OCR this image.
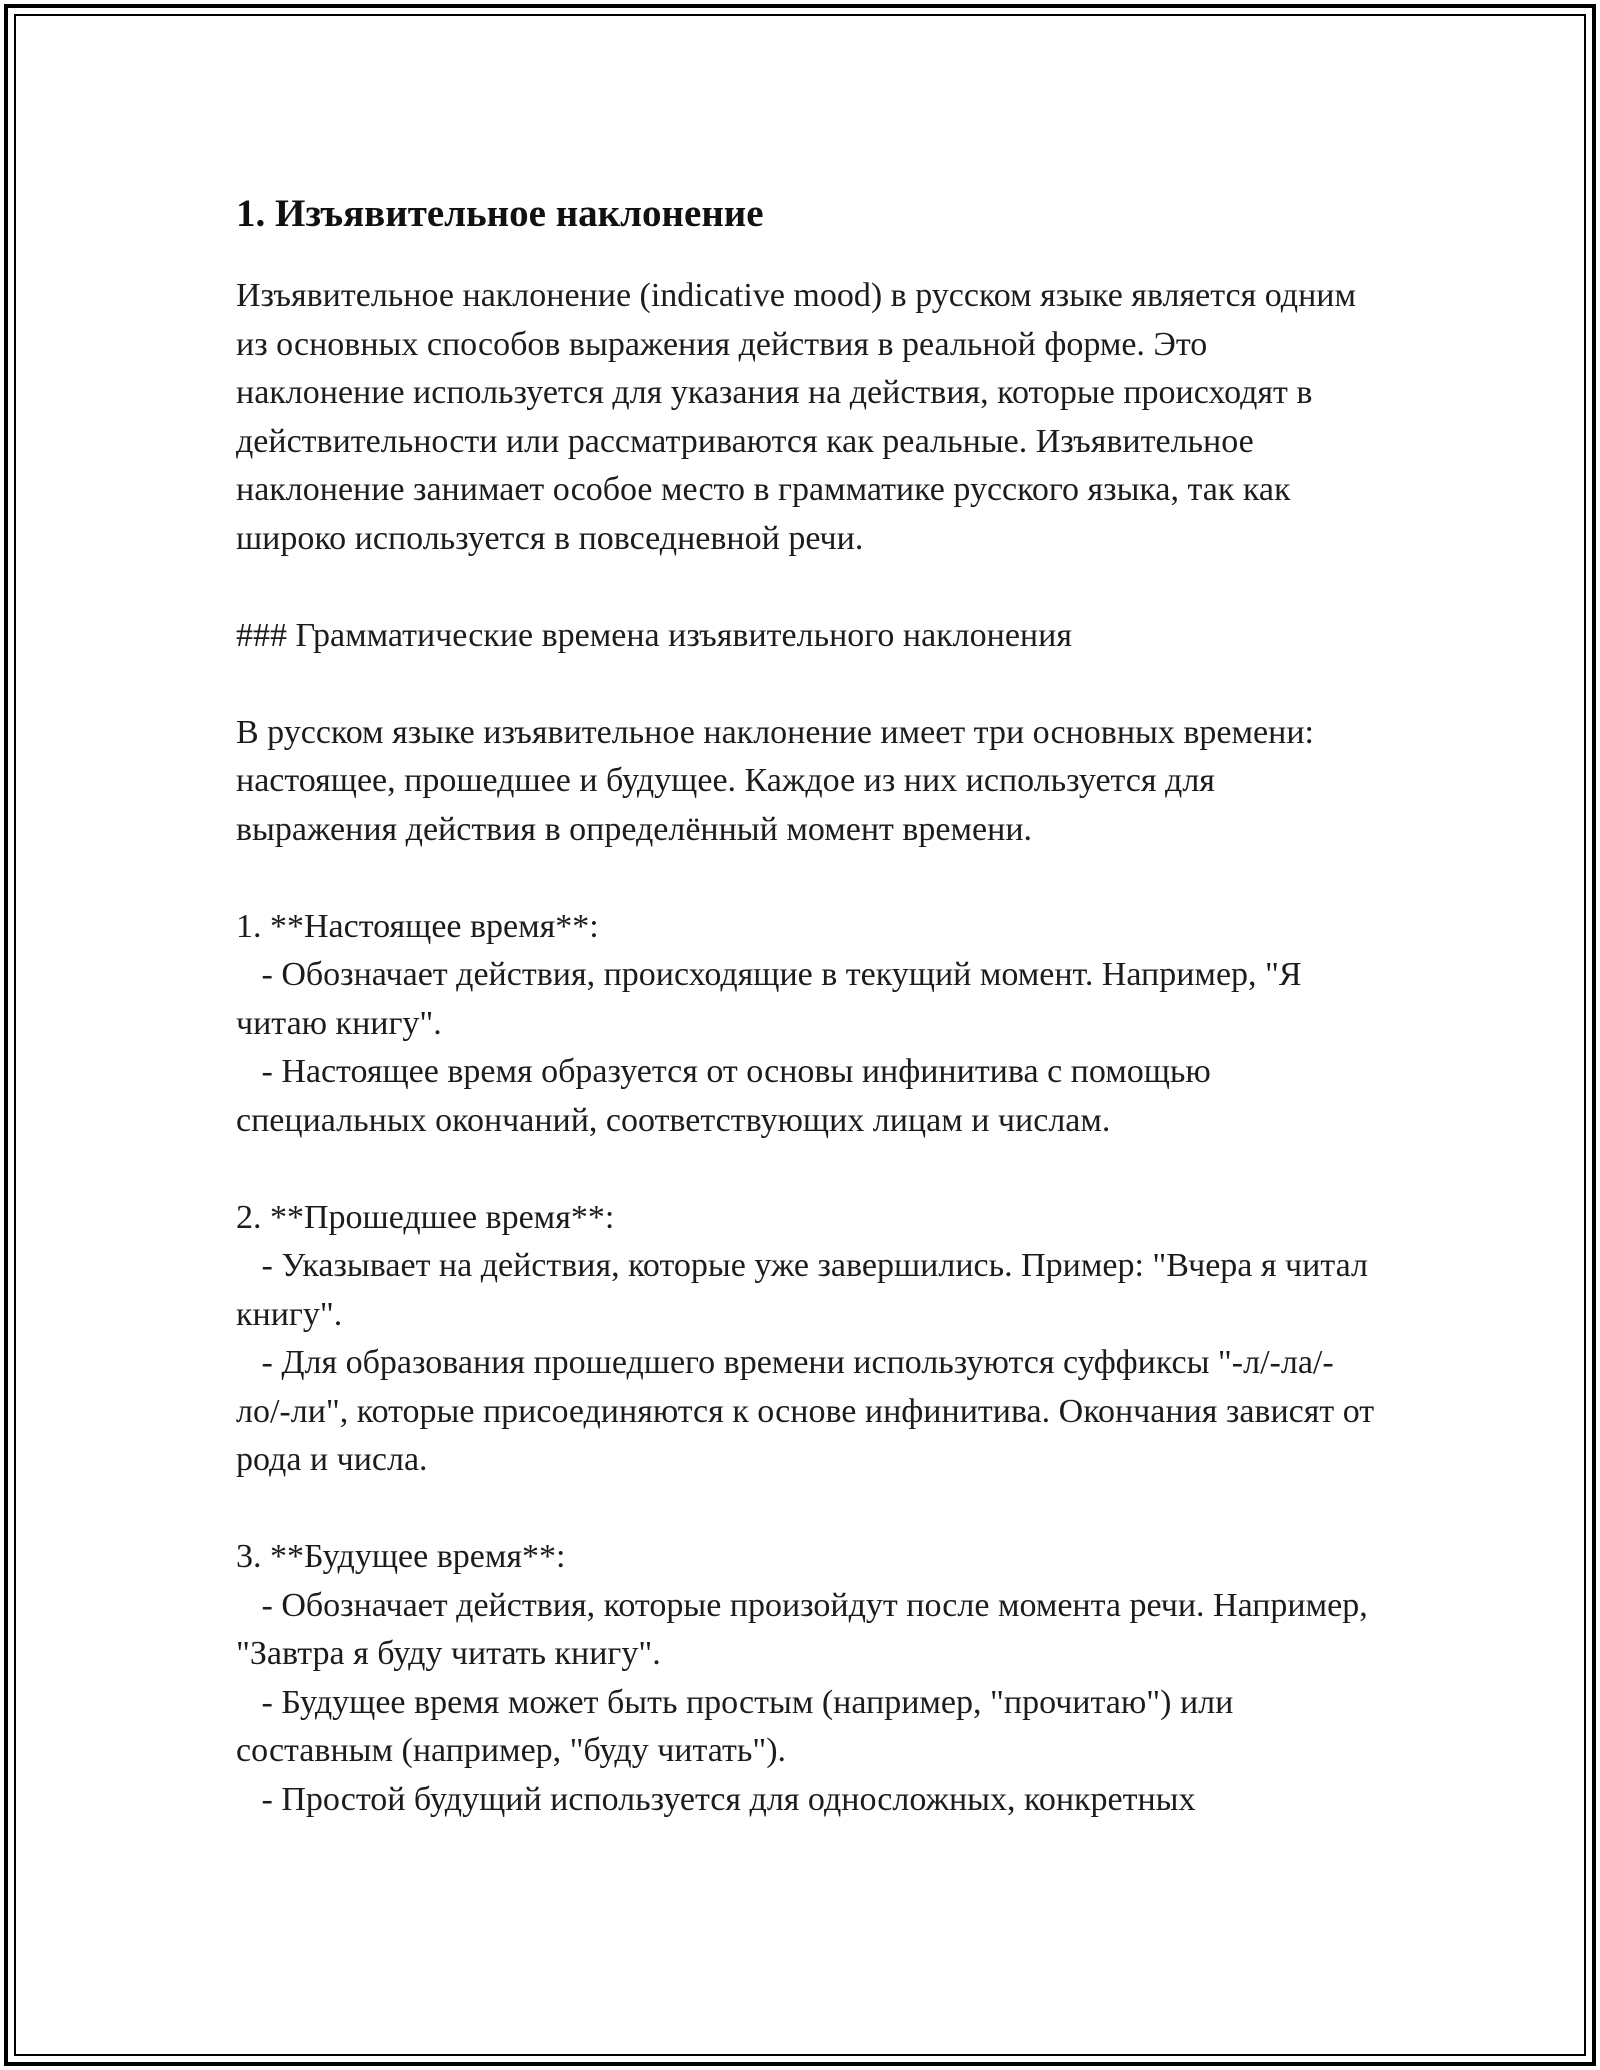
1. Изъявительное наклонение

Изъявительное наклонение (indicative mood) в русском языке является одним из основных способов выражения действия в реальной форме. Это наклонение используется для указания на действия, которые происходят в действительности или рассматриваются как реальные. Изъявительное наклонение занимает особое место в грамматике русского языка, так как широко используется в повседневной речи.

### Грамматические времена изъявительного наклонения

В русском языке изъявительное наклонение имеет три основных времени: настоящее, прошедшее и будущее. Каждое из них используется для выражения действия в определённый момент времени.

1. **Настоящее время**:

- Обозначает действия, происходящие в текущий момент. Например, "Я читаю книгу".

- Настоящее время образуется от основы инфинитива с помощью специальных окончаний, соответствующих лицам и числам.

2. **Прошедшее время**:

- Указывает на действия, которые уже завершились. Пример: "Вчера я читал книгу".

- Для образования прошедшего времени используются суффиксы "-л/-ла/-ло/-ли", которые присоединяются к основе инфинитива. Окончания зависят от рода и числа.

3. **Будущее время**:

- Обозначает действия, которые произойдут после момента речи. Например, "Завтра я буду читать книгу".

- Будущее время может быть простым (например, "прочитаю") или составным (например, "буду читать").

- Простой будущий используется для односложных, конкретных
